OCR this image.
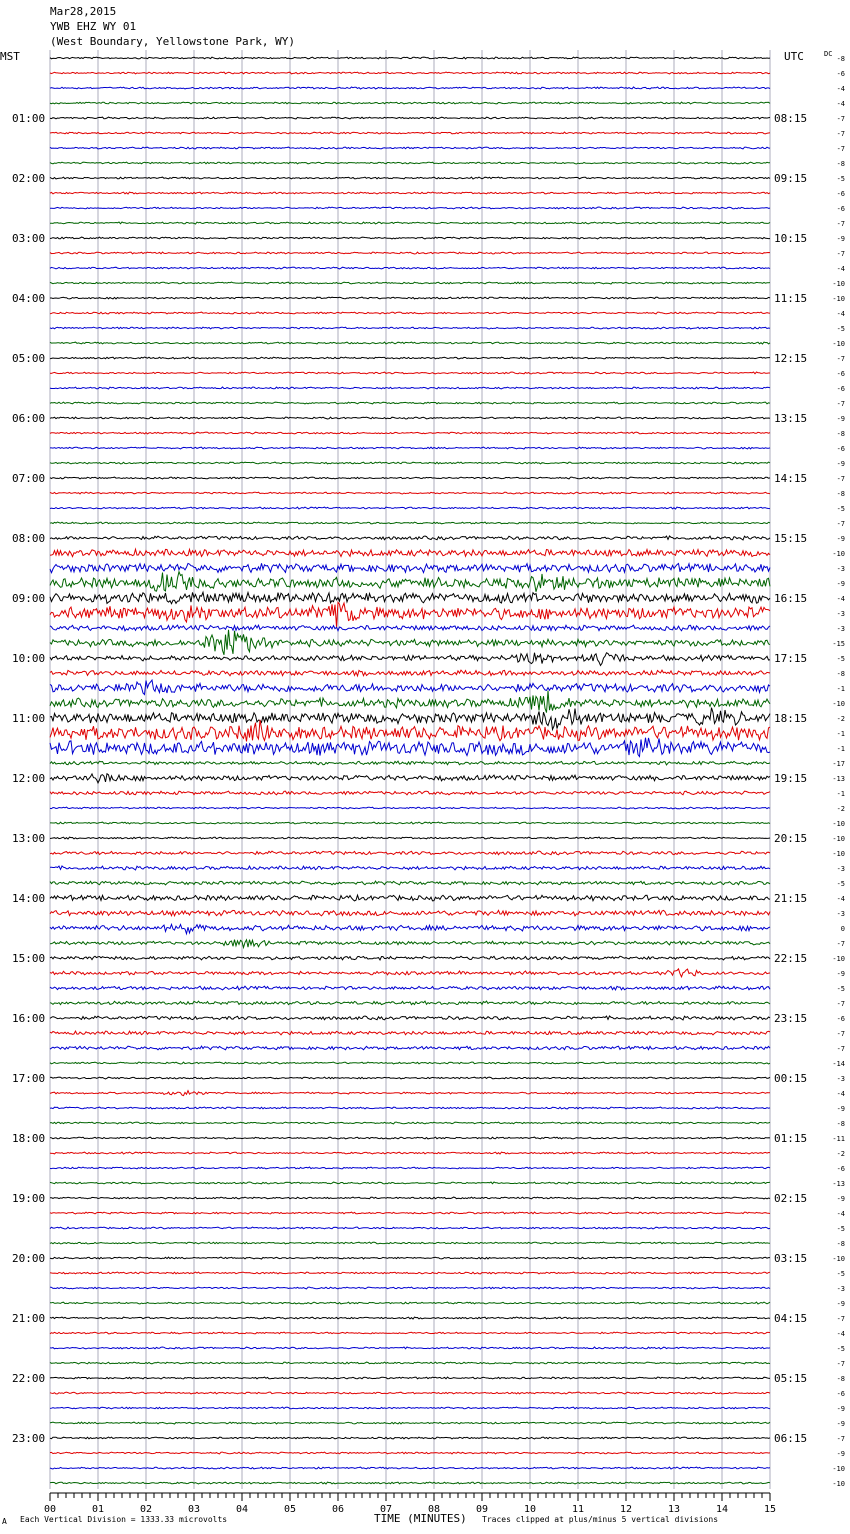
Mar28,2015
YWB EHZ WY 01
(West Boundary, Yellowstone Park, WY)
MST	UTC	DC
01:00
02:00
03:00
04:00
05:00
06:00
07:00
08:00
09:00
10:00
11:00
12:00
13:00
14:00
15:00
16:00
17:00
18:00
19:00
20:00
21:00
22:00
23:00
08:15
09:15
10:15
11:15
12:15
13:15
14:15
15:15
16:15
17:15
18:15
19:15
20:15
21:15
22:15
23:15
00:15
01:15
02:15
03:15
04:15
05:15
06:15
-8
-6
-4
-4
-7
-7
-7
-8
-5
-6
-6
-7
-9
-7
-4
-10
-10
-4
-5
-10
-7
-6
-6
-7
-9
-8
-6
-9
-7
-8
-5
-7
-9
-10
-3
-9
-4
-3
-3
-15
-5
-8
-1
-10
-2
-1
-1
-17
-13
-1
-2
-10
-10
-10
-3
-5
-4
-3
0
-7
-10
-9
-5
-7
-6
-7
-7
-14
-3
-4
-9
-8
-11
-2
-6
-13
-9
-4
-5
-8
-10
-5
-3
-9
-7
-4
-5
-7
-8
-6
-9
-9
-7
-9
-10
-10
00	01	02	03	04	05	06	07	08	09	10	11	12	13	14	15
TIME (MINUTES)
A Each Vertical Division = 1333.33 microvolts	Traces clipped at plus/minus 5 vertical divisions
